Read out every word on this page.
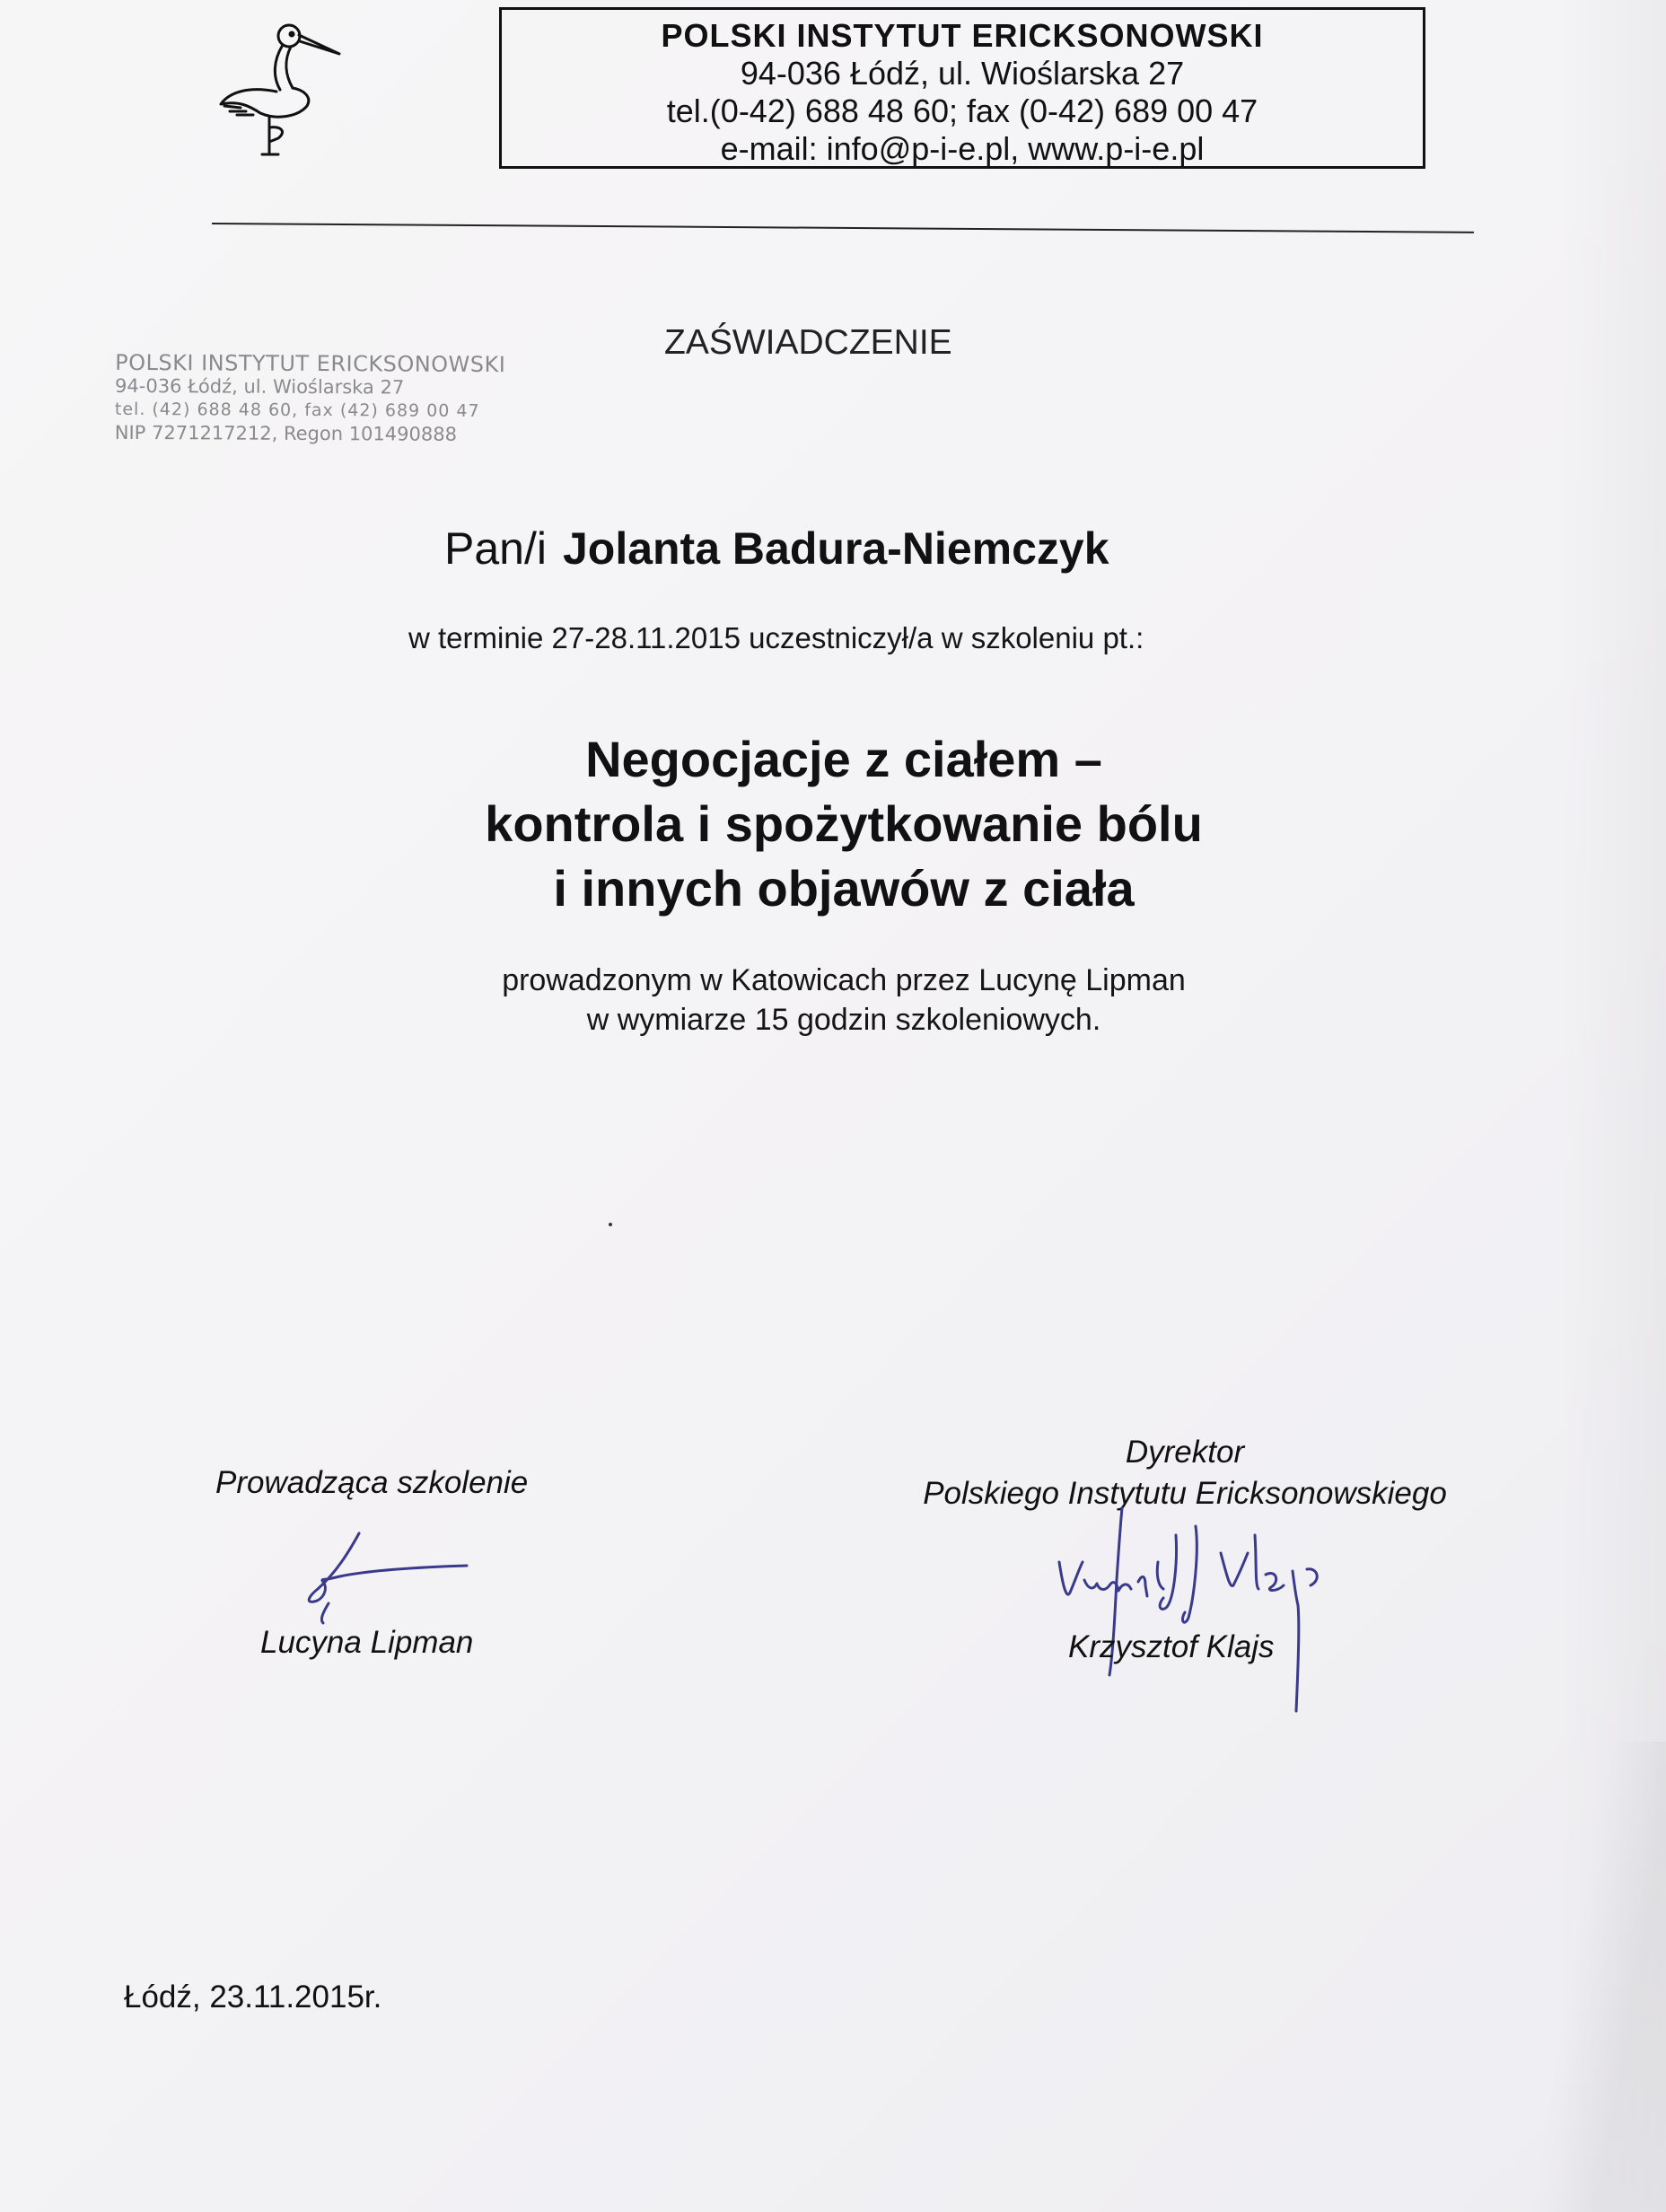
POLSKI INSTYTUT ERICKSONOWSKI
94-036 Łódź, ul. Wioślarska 27
tel.(0-42) 688 48 60; fax (0-42) 689 00 47
e-mail: info@p-i-e.pl, www.p-i-e.pl
POLSKI INSTYTUT ERICKSONOWSKI
94-036 Łódź, ul. Wioślarska 27
tel. (42) 688 48 60, fax (42) 689 00 47
NIP 7271217212, Regon 101490888
ZAŚWIADCZENIE
Pan/i Jolanta Badura-Niemczyk
w terminie 27-28.11.2015 uczestniczył/a w szkoleniu pt.:
Negocjacje z ciałem –
kontrola i spożytkowanie bólu
i innych objawów z ciała
prowadzonym w Katowicach przez Lucynę Lipman
w wymiarze 15 godzin szkoleniowych.
Prowadząca szkolenie
Lucyna Lipman
Dyrektor
Polskiego Instytutu Ericksonowskiego
Krzysztof Klajs
Łódź, 23.11.2015r.
